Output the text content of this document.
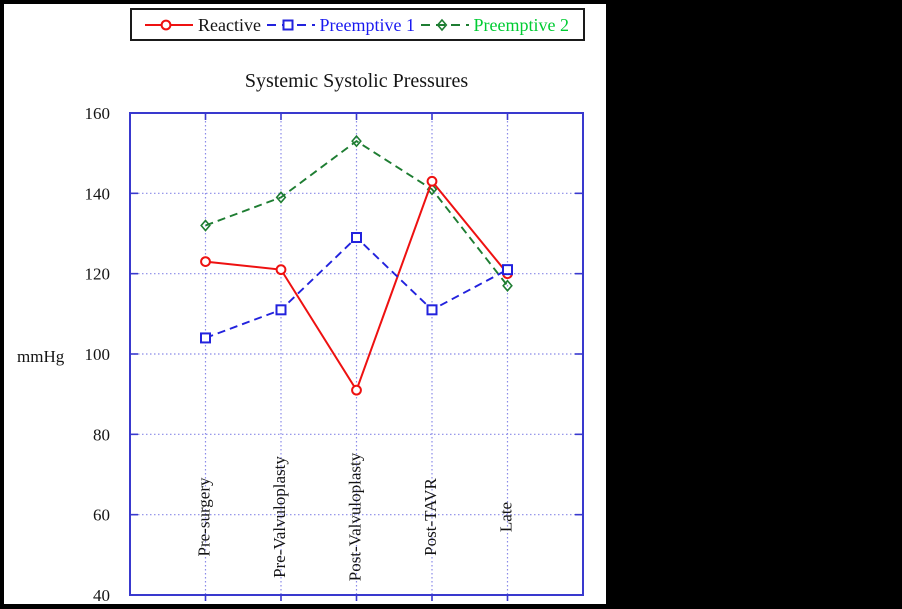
Reactive	Preemptive 1	Preemptive 2
Systemic Systolic Pressures
mmHg
40
60
80
100
120
140
160
Pre-surgery	Pre-Valvuloplasty	Post-Valvuloplasty	Post-TAVR	Late
